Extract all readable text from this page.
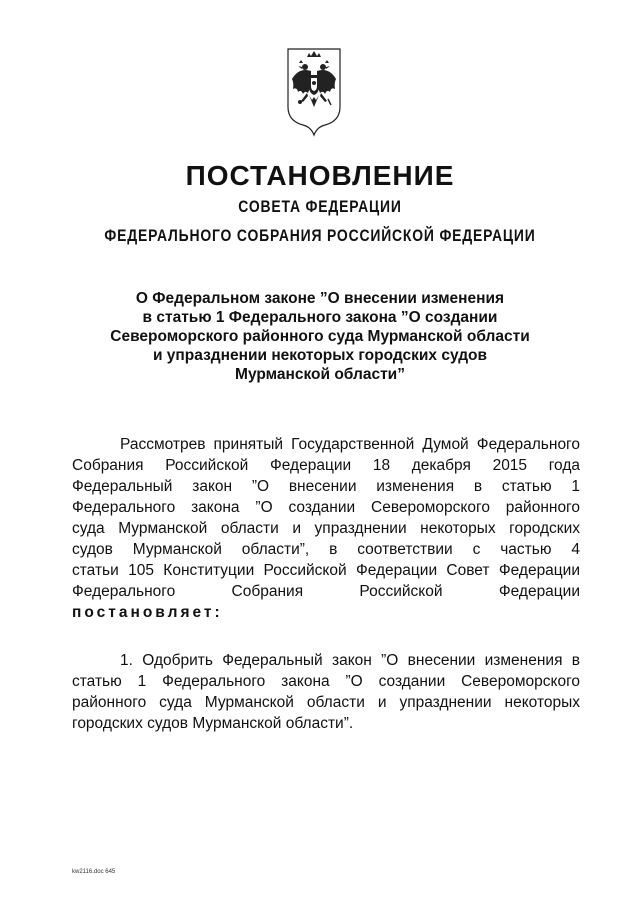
ПОСТАНОВЛЕНИЕ
СОВЕТА ФЕДЕРАЦИИ
ФЕДЕРАЛЬНОГО СОБРАНИЯ РОССИЙСКОЙ ФЕДЕРАЦИИ
О Федеральном законе ”О внесении изменения
в статью 1 Федерального закона ”О создании
Североморского районного суда Мурманской области
и упразднении некоторых городских судов
Мурманской области”
Рассмотрев принятый Государственной Думой Федерального
Собрания Российской Федерации 18 декабря 2015 года
Федеральный закон ”О внесении изменения в статью 1
Федерального закона ”О создании Североморского районного
суда Мурманской области и упразднении некоторых городских
судов Мурманской области”, в соответствии с частью 4
статьи 105 Конституции Российской Федерации Совет Федерации
Федерального Собрания Российской Федерации
постановляет:
1. Одобрить Федеральный закон ”О внесении изменения в
статью 1 Федерального закона ”О создании Североморского
районного суда Мурманской области и упразднении некоторых
городских судов Мурманской области”.
kw2116.doc 645
